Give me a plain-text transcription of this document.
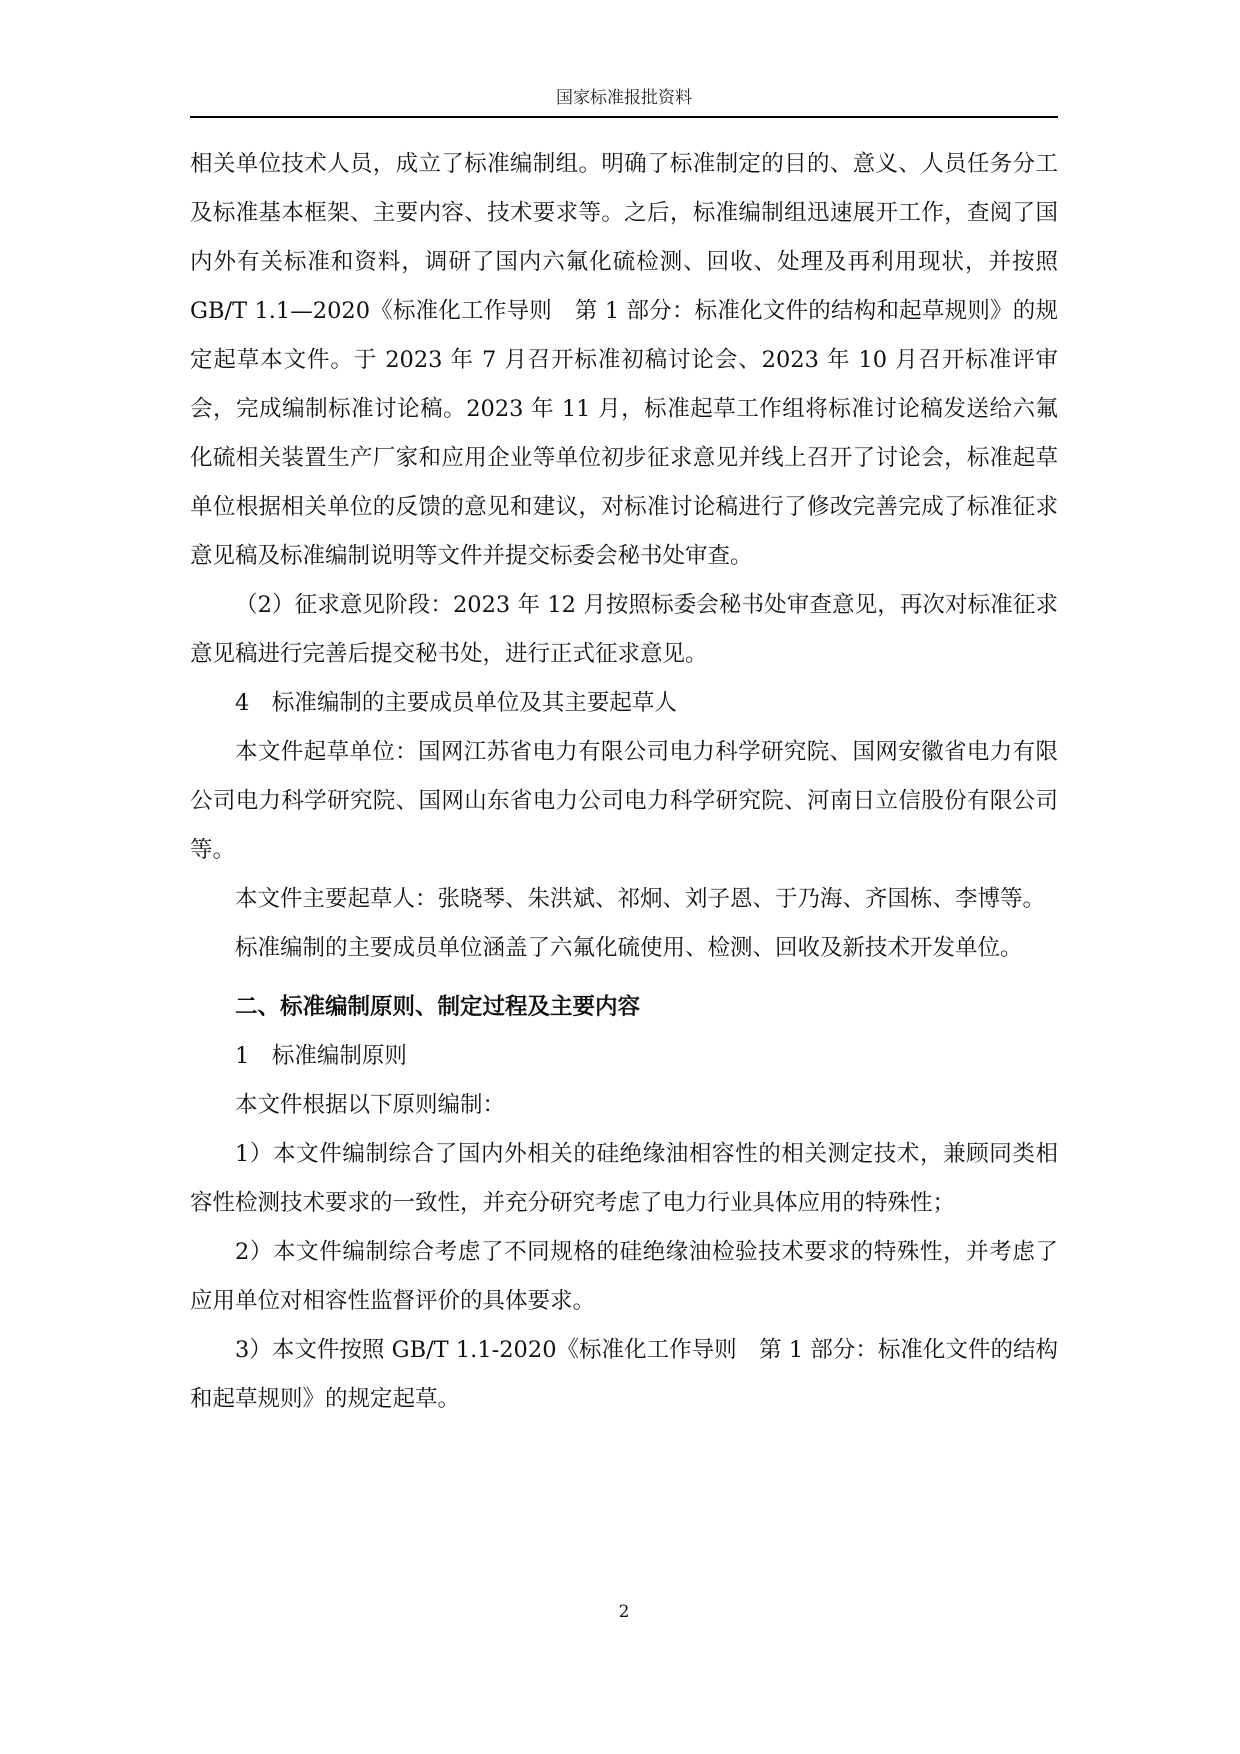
国家标准报批资料

相关单位技术人员，成立了标准编制组。明确了标准制定的目的、意义、人员任务分工及标准基本框架、主要内容、技术要求等。之后，标准编制组迅速展开工作，查阅了国内外有关标准和资料，调研了国内六氟化硫检测、回收、处理及再利用现状，并按照 GB/T 1.1—2020《标准化工作导则　第 1 部分：标准化文件的结构和起草规则》的规定起草本文件。于 2023 年 7 月召开标准初稿讨论会、2023 年 10 月召开标准评审会，完成编制标准讨论稿。2023 年 11 月，标准起草工作组将标准讨论稿发送给六氟化硫相关装置生产厂家和应用企业等单位初步征求意见并线上召开了讨论会，标准起草单位根据相关单位的反馈的意见和建议，对标准讨论稿进行了修改完善完成了标准征求意见稿及标准编制说明等文件并提交标委会秘书处审查。

（2）征求意见阶段：2023 年 12 月按照标委会秘书处审查意见，再次对标准征求意见稿进行完善后提交秘书处，进行正式征求意见。

4　标准编制的主要成员单位及其主要起草人

本文件起草单位：国网江苏省电力有限公司电力科学研究院、国网安徽省电力有限公司电力科学研究院、国网山东省电力公司电力科学研究院、河南日立信股份有限公司等。

本文件主要起草人：张晓琴、朱洪斌、祁炯、刘子恩、于乃海、齐国栋、李博等。

标准编制的主要成员单位涵盖了六氟化硫使用、检测、回收及新技术开发单位。

二、标准编制原则、制定过程及主要内容

1　标准编制原则

本文件根据以下原则编制：

1）本文件编制综合了国内外相关的硅绝缘油相容性的相关测定技术，兼顾同类相容性检测技术要求的一致性，并充分研究考虑了电力行业具体应用的特殊性；

2）本文件编制综合考虑了不同规格的硅绝缘油检验技术要求的特殊性，并考虑了应用单位对相容性监督评价的具体要求。

3）本文件按照 GB/T 1.1-2020《标准化工作导则　第 1 部分：标准化文件的结构和起草规则》的规定起草。

2
